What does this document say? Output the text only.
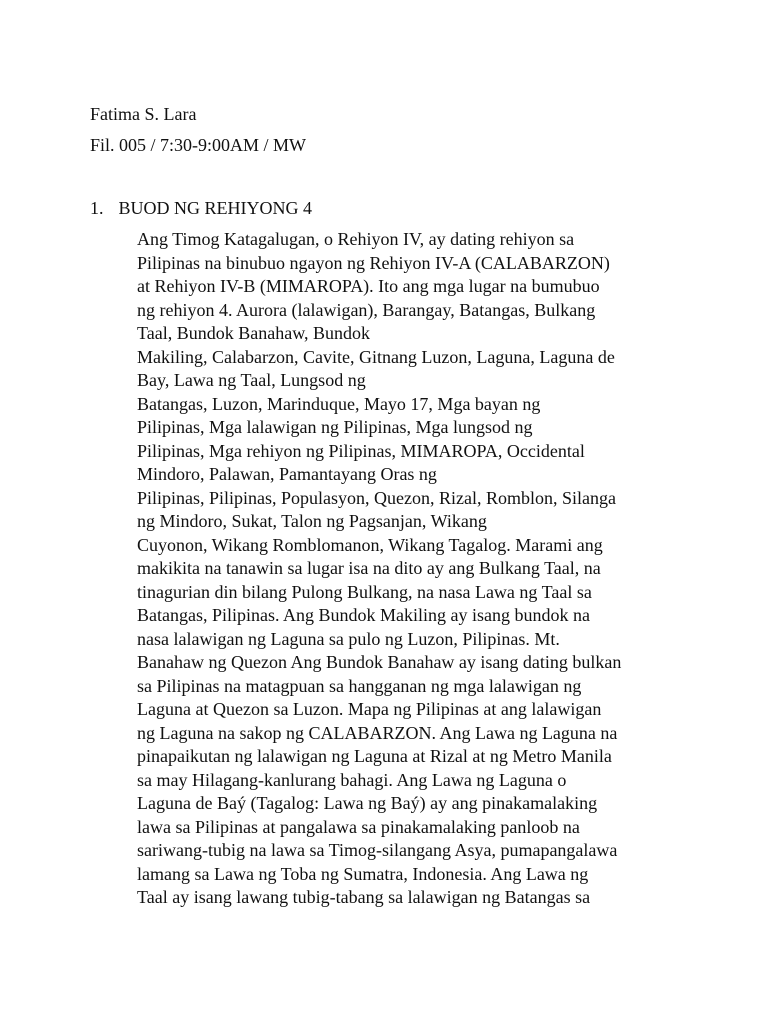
Fatima S. Lara
Fil. 005 / 7:30-9:00AM / MW
1. BUOD NG REHIYONG 4
Ang Timog Katagalugan, o Rehiyon IV, ay dating rehiyon sa
Pilipinas na binubuo ngayon ng Rehiyon IV-A (CALABARZON)
at Rehiyon IV-B (MIMAROPA). Ito ang mga lugar na bumubuo
ng rehiyon 4. Aurora (lalawigan), Barangay, Batangas, Bulkang
Taal, Bundok Banahaw, Bundok
Makiling, Calabarzon, Cavite, Gitnang Luzon, Laguna, Laguna de
Bay, Lawa ng Taal, Lungsod ng
Batangas, Luzon, Marinduque, Mayo 17, Mga bayan ng
Pilipinas, Mga lalawigan ng Pilipinas, Mga lungsod ng
Pilipinas, Mga rehiyon ng Pilipinas, MIMAROPA, Occidental
Mindoro, Palawan, Pamantayang Oras ng
Pilipinas, Pilipinas, Populasyon, Quezon, Rizal, Romblon, Silanga
ng Mindoro, Sukat, Talon ng Pagsanjan, Wikang
Cuyonon, Wikang Romblomanon, Wikang Tagalog. Marami ang
makikita na tanawin sa lugar isa na dito ay ang Bulkang Taal, na
tinagurian din bilang Pulong Bulkang, na nasa Lawa ng Taal sa
Batangas, Pilipinas. Ang Bundok Makiling ay isang bundok na
nasa lalawigan ng Laguna sa pulo ng Luzon, Pilipinas. Mt.
Banahaw ng Quezon Ang Bundok Banahaw ay isang dating bulkan
sa Pilipinas na matagpuan sa hangganan ng mga lalawigan ng
Laguna at Quezon sa Luzon. Mapa ng Pilipinas at ang lalawigan
ng Laguna na sakop ng CALABARZON. Ang Lawa ng Laguna na
pinapaikutan ng lalawigan ng Laguna at Rizal at ng Metro Manila
sa may Hilagang-kanlurang bahagi. Ang Lawa ng Laguna o
Laguna de Baý (Tagalog: Lawa ng Baý) ay ang pinakamalaking
lawa sa Pilipinas at pangalawa sa pinakamalaking panloob na
sariwang-tubig na lawa sa Timog-silangang Asya, pumapangalawa
lamang sa Lawa ng Toba ng Sumatra, Indonesia. Ang Lawa ng
Taal ay isang lawang tubig-tabang sa lalawigan ng Batangas sa
